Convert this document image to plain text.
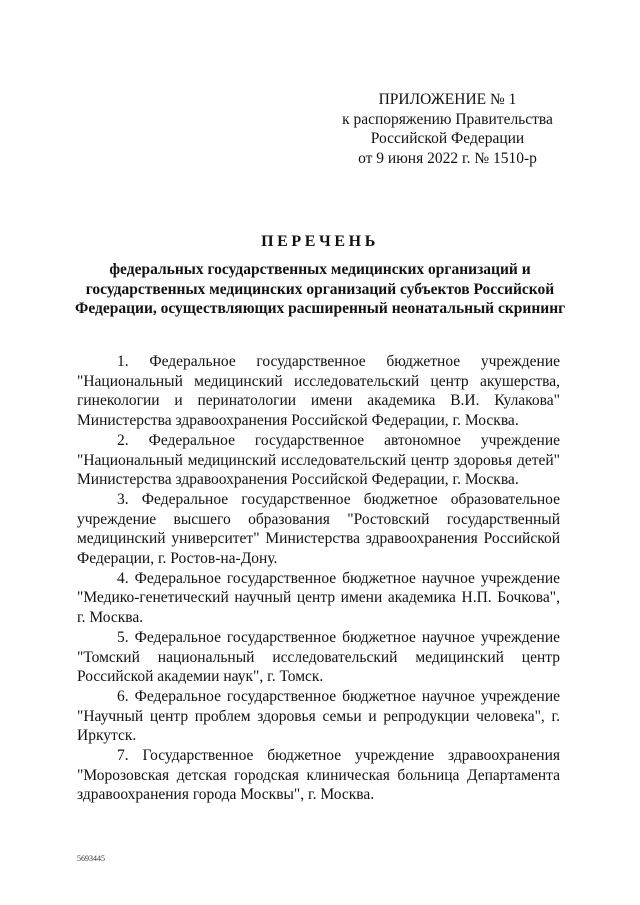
ПРИЛОЖЕНИЕ № 1
к распоряжению Правительства
Российской Федерации
от 9 июня 2022 г. № 1510-р
ПЕРЕЧЕНЬ
федеральных государственных медицинских организаций и
государственных медицинских организаций субъектов Российской
Федерации, осуществляющих расширенный неонатальный скрининг

1. Федеральное государственное бюджетное учреждение "Национальный медицинский исследовательский центр акушерства, гинекологии и перинатологии имени академика В.И. Кулакова" Министерства здравоохранения Российской Федерации, г. Москва.

2. Федеральное государственное автономное учреждение "Национальный медицинский исследовательский центр здоровья детей" Министерства здравоохранения Российской Федерации, г. Москва.

3. Федеральное государственное бюджетное образовательное учреждение высшего образования "Ростовский государственный медицинский университет" Министерства здравоохранения Российской Федерации, г. Ростов-на-Дону.

4. Федеральное государственное бюджетное научное учреждение "Медико-генетический научный центр имени академика Н.П. Бочкова", г. Москва.

5. Федеральное государственное бюджетное научное учреждение "Томский национальный исследовательский медицинский центр Российской академии наук", г. Томск.

6. Федеральное государственное бюджетное научное учреждение "Научный центр проблем здоровья семьи и репродукции человека", г. Иркутск.

7. Государственное бюджетное учреждение здравоохранения "Морозовская детская городская клиническая больница Департамента здравоохранения города Москвы", г. Москва.

5693445
